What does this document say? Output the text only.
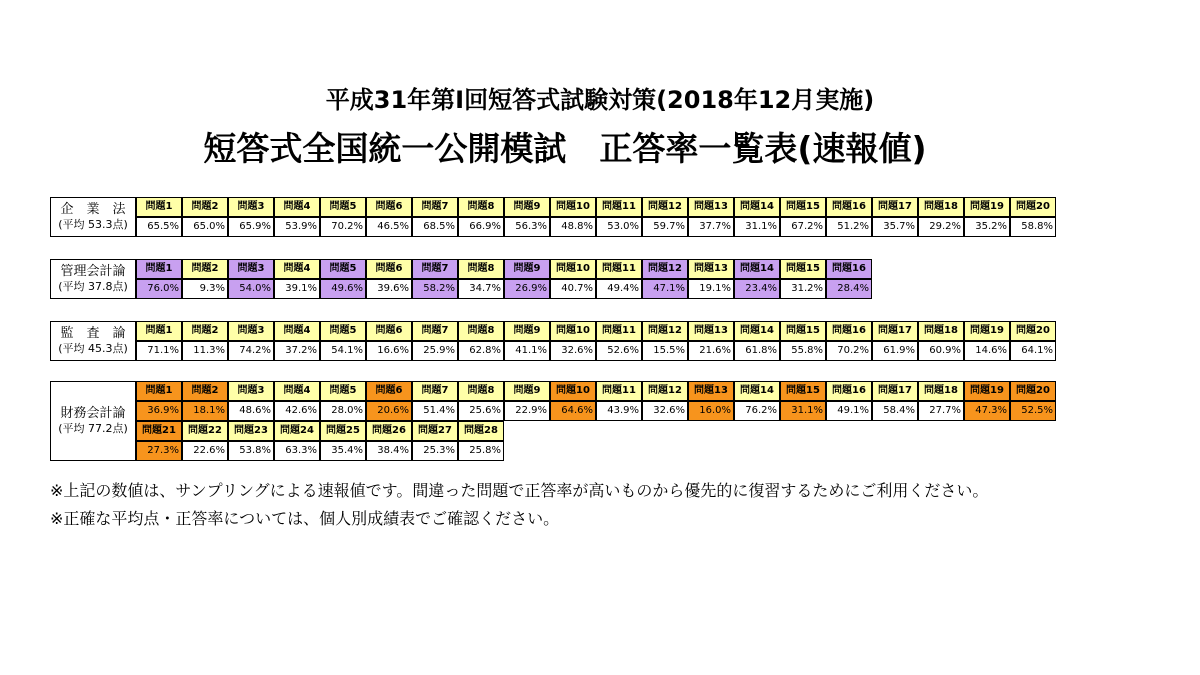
平成31年第Ⅰ回短答式試験対策(2018年12月実施)
短答式全国統一公開模試　正答率一覧表(速報値)
企　業　法
(平均 53.3点)
問題1
65.5%
問題2
65.0%
問題3
65.9%
問題4
53.9%
問題5
70.2%
問題6
46.5%
問題7
68.5%
問題8
66.9%
問題9
56.3%
問題10
48.8%
問題11
53.0%
問題12
59.7%
問題13
37.7%
問題14
31.1%
問題15
67.2%
問題16
51.2%
問題17
35.7%
問題18
29.2%
問題19
35.2%
問題20
58.8%
管理会計論
(平均 37.8点)
問題1
76.0%
問題2
9.3%
問題3
54.0%
問題4
39.1%
問題5
49.6%
問題6
39.6%
問題7
58.2%
問題8
34.7%
問題9
26.9%
問題10
40.7%
問題11
49.4%
問題12
47.1%
問題13
19.1%
問題14
23.4%
問題15
31.2%
問題16
28.4%
監　査　論
(平均 45.3点)
問題1
71.1%
問題2
11.3%
問題3
74.2%
問題4
37.2%
問題5
54.1%
問題6
16.6%
問題7
25.9%
問題8
62.8%
問題9
41.1%
問題10
32.6%
問題11
52.6%
問題12
15.5%
問題13
21.6%
問題14
61.8%
問題15
55.8%
問題16
70.2%
問題17
61.9%
問題18
60.9%
問題19
14.6%
問題20
64.1%
財務会計論
(平均 77.2点)
問題1
36.9%
問題2
18.1%
問題3
48.6%
問題4
42.6%
問題5
28.0%
問題6
20.6%
問題7
51.4%
問題8
25.6%
問題9
22.9%
問題10
64.6%
問題11
43.9%
問題12
32.6%
問題13
16.0%
問題14
76.2%
問題15
31.1%
問題16
49.1%
問題17
58.4%
問題18
27.7%
問題19
47.3%
問題20
52.5%
問題21
27.3%
問題22
22.6%
問題23
53.8%
問題24
63.3%
問題25
35.4%
問題26
38.4%
問題27
25.3%
問題28
25.8%
※上記の数値は、サンプリングによる速報値です。間違った問題で正答率が高いものから優先的に復習するためにご利用ください。
※正確な平均点・正答率については、個人別成績表でご確認ください。
